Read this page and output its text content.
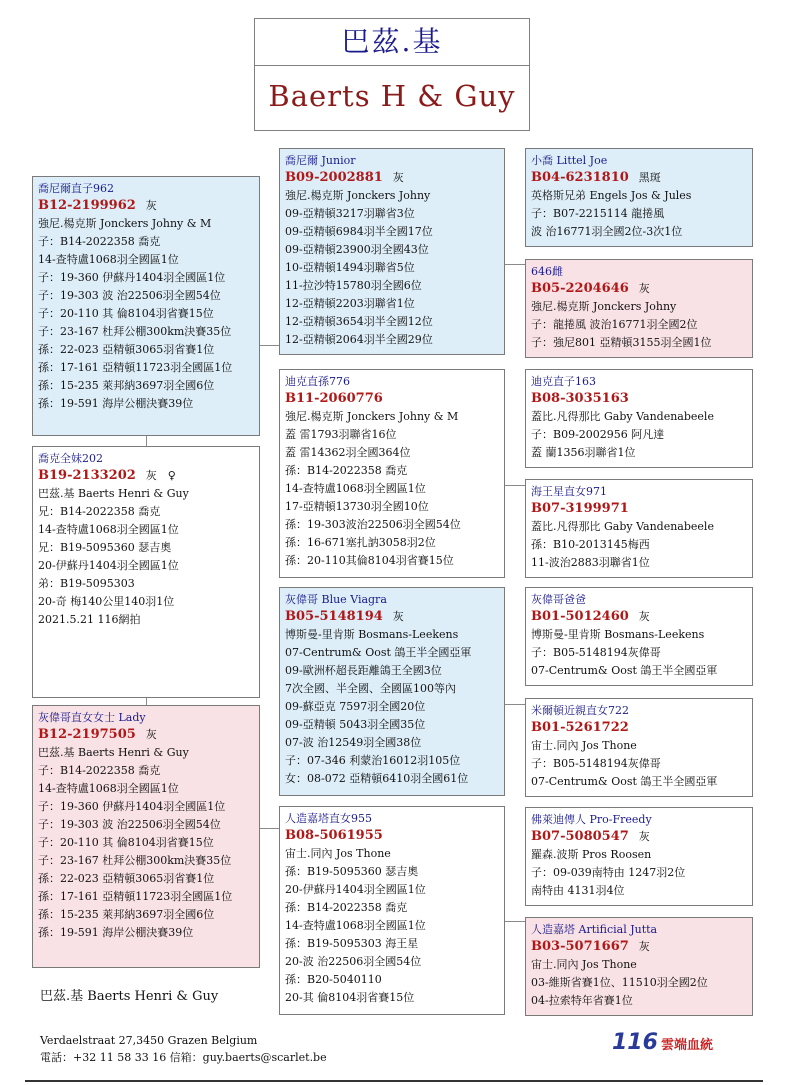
巴茲.基
Baerts H & Guy
喬尼爾直子962
B12-2199962 灰
強尼.楊克斯 Jonckers Johny & M
子：B14-2022358 喬克
14-查特盧1068羽全國區1位
子：19-360 伊蘇丹1404羽全國區1位
子：19-303 波 治22506羽全國54位
子：20-110 其 倫8104羽省賽15位
子：23-167 杜拜公棚300km決賽35位
孫：22-023 亞精頓3065羽省賽1位
孫：17-161 亞精頓11723羽全國區1位
孫：15-235 萊邦納3697羽全國6位
孫：19-591 海岸公棚決賽39位
喬克全妹202
B19-2133202 灰　♀
巴茲.基 Baerts Henri & Guy
兄：B14-2022358 喬克
14-查特盧1068羽全國區1位
兄：B19-5095360 瑟吉奧
20-伊蘇丹1404羽全國區1位
弟：B19-5095303
20-奇 梅140公里140羽1位
2021.5.21 116網拍
灰偉哥直女女士 Lady
B12-2197505 灰
巴茲.基 Baerts Henri & Guy
子：B14-2022358 喬克
14-查特盧1068羽全國區1位
子：19-360 伊蘇丹1404羽全國區1位
子：19-303 波 治22506羽全國54位
子：20-110 其 倫8104羽省賽15位
子：23-167 杜拜公棚300km決賽35位
孫：22-023 亞精頓3065羽省賽1位
孫：17-161 亞精頓11723羽全國區1位
孫：15-235 萊邦納3697羽全國6位
孫：19-591 海岸公棚決賽39位
喬尼爾 Junior
B09-2002881 灰
強尼.楊克斯 Jonckers Johny
09-亞精頓3217羽聯省3位
09-亞精頓6984羽半全國17位
09-亞精頓23900羽全國43位
10-亞精頓1494羽聯省5位
11-拉沙特15780羽全國6位
12-亞精頓2203羽聯省1位
12-亞精頓3654羽半全國12位
12-亞精頓2064羽半全國29位
迪克直孫776
B11-2060776
強尼.楊克斯 Jonckers Johny & M
蓋 雷1793羽聯省16位
蓋 雷14362羽全國364位
孫：B14-2022358 喬克
14-查特盧1068羽全國區1位
17-亞精頓13730羽全國10位
孫：19-303波治22506羽全國54位
孫：16-671塞扎訥3058羽2位
孫：20-110其倫8104羽省賽15位
灰偉哥 Blue Viagra
B05-5148194 灰
博斯曼-里肯斯 Bosmans-Leekens
07-Centrum& Oost 鴿王半全國亞軍
09-歐洲杯超長距離鴿王全國3位
7次全國、半全國、全國區100等內
09-蘇亞克 7597羽全國20位
09-亞精頓 5043羽全國35位
07-波 治12549羽全國38位
子：07-346 利蒙治16012羽105位
女：08-072 亞精頓6410羽全國61位
人造嘉塔直女955
B08-5061955
宙士.同內 Jos Thone
孫：B19-5095360 瑟吉奧
20-伊蘇丹1404羽全國區1位
孫：B14-2022358 喬克
14-查特盧1068羽全國區1位
孫：B19-5095303 海王星
20-波 治22506羽全國54位
孫：B20-5040110
20-其 倫8104羽省賽15位
小喬 Littel Joe
B04-6231810 黑斑
英格斯兄弟 Engels Jos & Jules
子：B07-2215114 龍捲風
波 治16771羽全國2位-3次1位
646雌
B05-2204646 灰
強尼.楊克斯 Jonckers Johny
子：龍捲風 波治16771羽全國2位
子：強尼801 亞精頓3155羽全國1位
迪克直子163
B08-3035163
蓋比.凡得那比 Gaby Vandenabeele
子：B09-2002956 阿凡達
蓋 蘭1356羽聯省1位
海王星直女971
B07-3199971
蓋比.凡得那比 Gaby Vandenabeele
孫：B10-2013145梅西
11-波治2883羽聯省1位
灰偉哥爸爸
B01-5012460 灰
博斯曼-里肯斯 Bosmans-Leekens
子：B05-5148194灰偉哥
07-Centrum& Oost 鴿王半全國亞軍
米爾頓近親直女722
B01-5261722
宙士.同內 Jos Thone
子：B05-5148194灰偉哥
07-Centrum& Oost 鴿王半全國亞軍
佛萊迪傳人 Pro-Freedy
B07-5080547 灰
羅森.波斯 Pros Roosen
子：09-039南特由 1247羽2位
南特由 4131羽4位
人造嘉塔 Artificial Jutta
B03-5071667 灰
宙士.同內 Jos Thone
03-維斯省賽1位、11510羽全國2位
04-拉索特年省賽1位
巴茲.基 Baerts Henri & Guy
Verdaelstraat 27,3450 Grazen Belgium
電話：+32 11 58 33 16 信箱：guy.baerts@scarlet.be
116 雲端血統
